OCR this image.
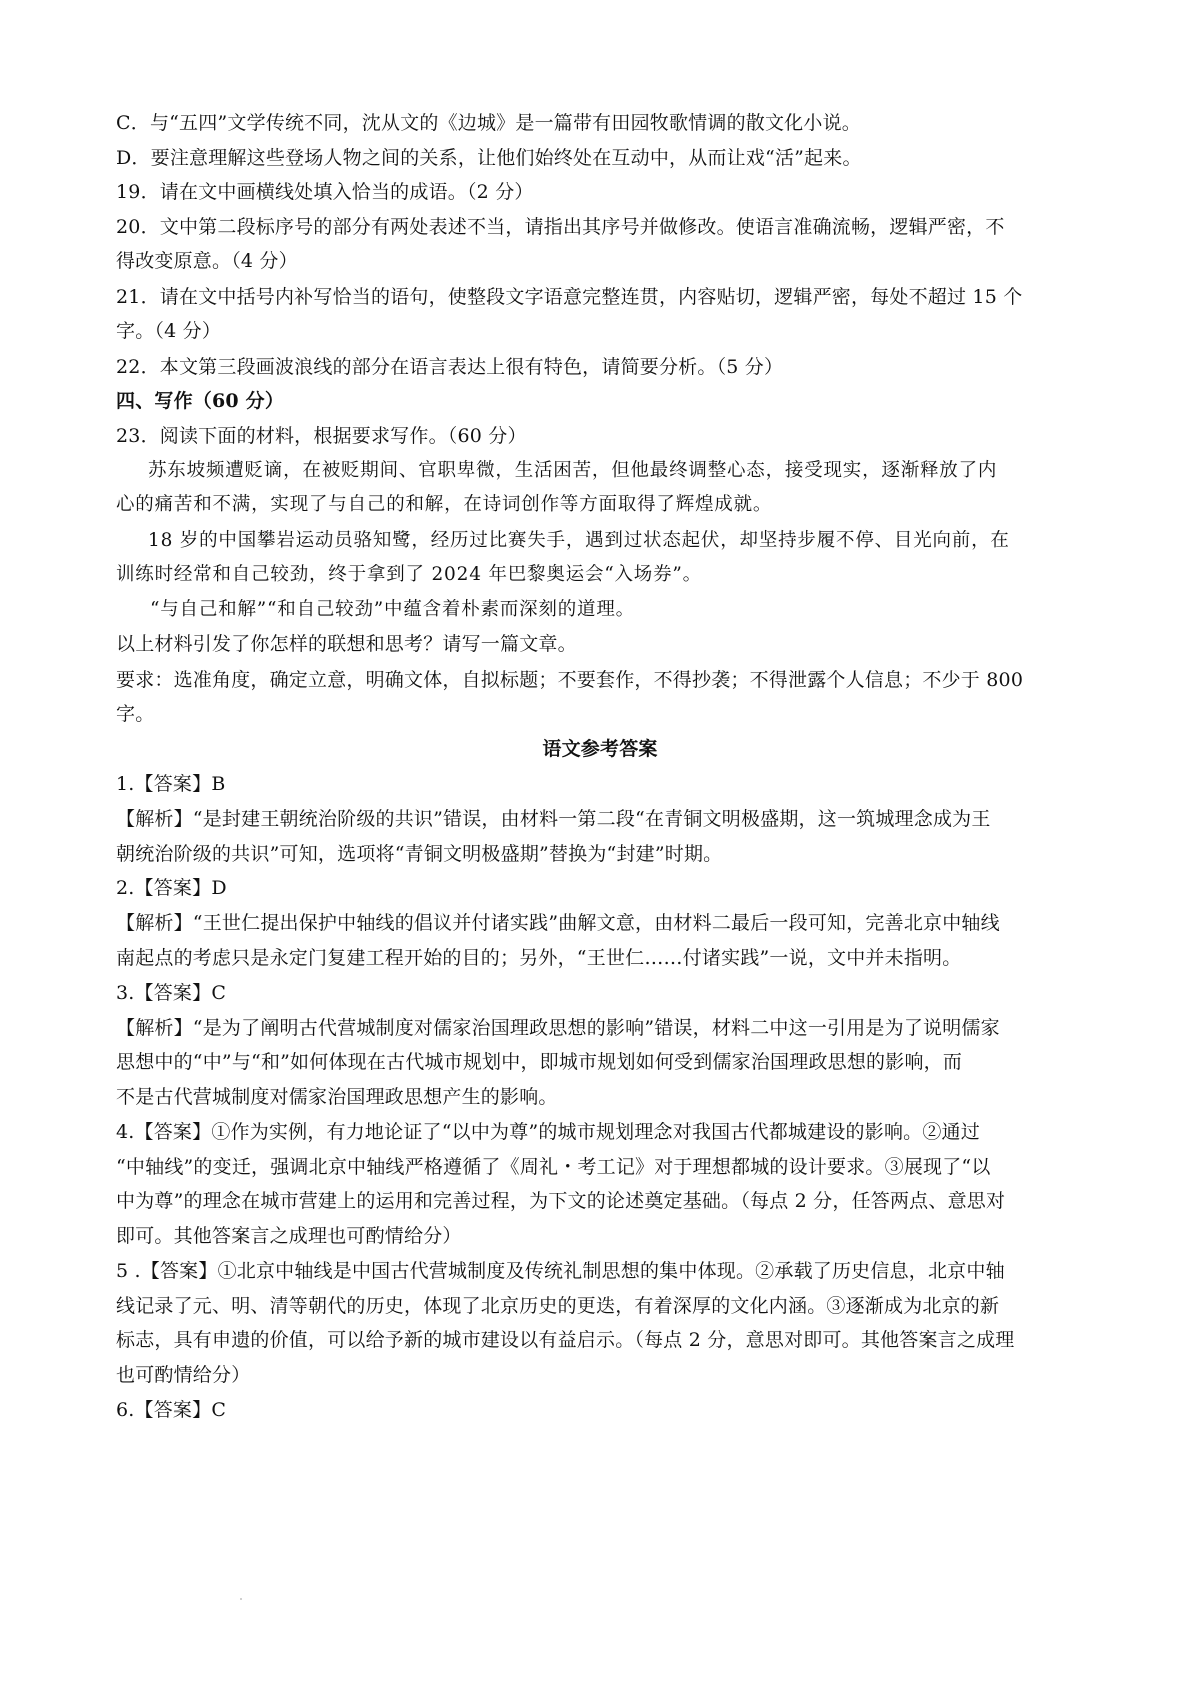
C．与“五四”文学传统不同，沈从文的《边城》是一篇带有田园牧歌情调的散文化小说。
D．要注意理解这些登场人物之间的关系，让他们始终处在互动中，从而让戏“活”起来。
19．请在文中画横线处填入恰当的成语。（2 分）
20．文中第二段标序号的部分有两处表述不当，请指出其序号并做修改。使语言准确流畅，逻辑严密，不
得改变原意。（4 分）
21．请在文中括号内补写恰当的语句，使整段文字语意完整连贯，内容贴切，逻辑严密，每处不超过 15 个
字。（4 分）
22．本文第三段画波浪线的部分在语言表达上很有特色，请简要分析。（5 分）
四、写作（60 分）
23．阅读下面的材料，根据要求写作。（60 分）
苏东坡频遭贬谪，在被贬期间、官职卑微，生活困苦，但他最终调整心态，接受现实，逐渐释放了内
心的痛苦和不满，实现了与自己的和解，在诗词创作等方面取得了辉煌成就。
18 岁的中国攀岩运动员骆知鹭，经历过比赛失手，遇到过状态起伏，却坚持步履不停、目光向前，在
训练时经常和自己较劲，终于拿到了 2024 年巴黎奥运会“入场券”。
“与自己和解”“和自己较劲”中蕴含着朴素而深刻的道理。
以上材料引发了你怎样的联想和思考？请写一篇文章。
要求：选准角度，确定立意，明确文体，自拟标题；不要套作，不得抄袭；不得泄露个人信息；不少于 800
字。
语文参考答案
1.【答案】B
【解析】“是封建王朝统治阶级的共识”错误，由材料一第二段“在青铜文明极盛期，这一筑城理念成为王
朝统治阶级的共识”可知，选项将“青铜文明极盛期”替换为“封建”时期。
2.【答案】D
【解析】“王世仁提出保护中轴线的倡议并付诸实践”曲解文意，由材料二最后一段可知，完善北京中轴线
南起点的考虑只是永定门复建工程开始的目的；另外，“王世仁……付诸实践”一说，文中并未指明。
3.【答案】C
【解析】“是为了阐明古代营城制度对儒家治国理政思想的影响”错误，材料二中这一引用是为了说明儒家
思想中的“中”与“和”如何体现在古代城市规划中，即城市规划如何受到儒家治国理政思想的影响，而
不是古代营城制度对儒家治国理政思想产生的影响。
4.【答案】①作为实例，有力地论证了“以中为尊”的城市规划理念对我国古代都城建设的影响。②通过
“中轴线”的变迁，强调北京中轴线严格遵循了《周礼・考工记》对于理想都城的设计要求。③展现了“以
中为尊”的理念在城市营建上的运用和完善过程，为下文的论述奠定基础。（每点 2 分，任答两点、意思对
即可。其他答案言之成理也可酌情给分）
5 .【答案】①北京中轴线是中国古代营城制度及传统礼制思想的集中体现。②承载了历史信息，北京中轴
线记录了元、明、清等朝代的历史，体现了北京历史的更迭，有着深厚的文化内涵。③逐渐成为北京的新
标志，具有申遗的价值，可以给予新的城市建设以有益启示。（每点 2 分，意思对即可。其他答案言之成理
也可酌情给分）
6.【答案】C
